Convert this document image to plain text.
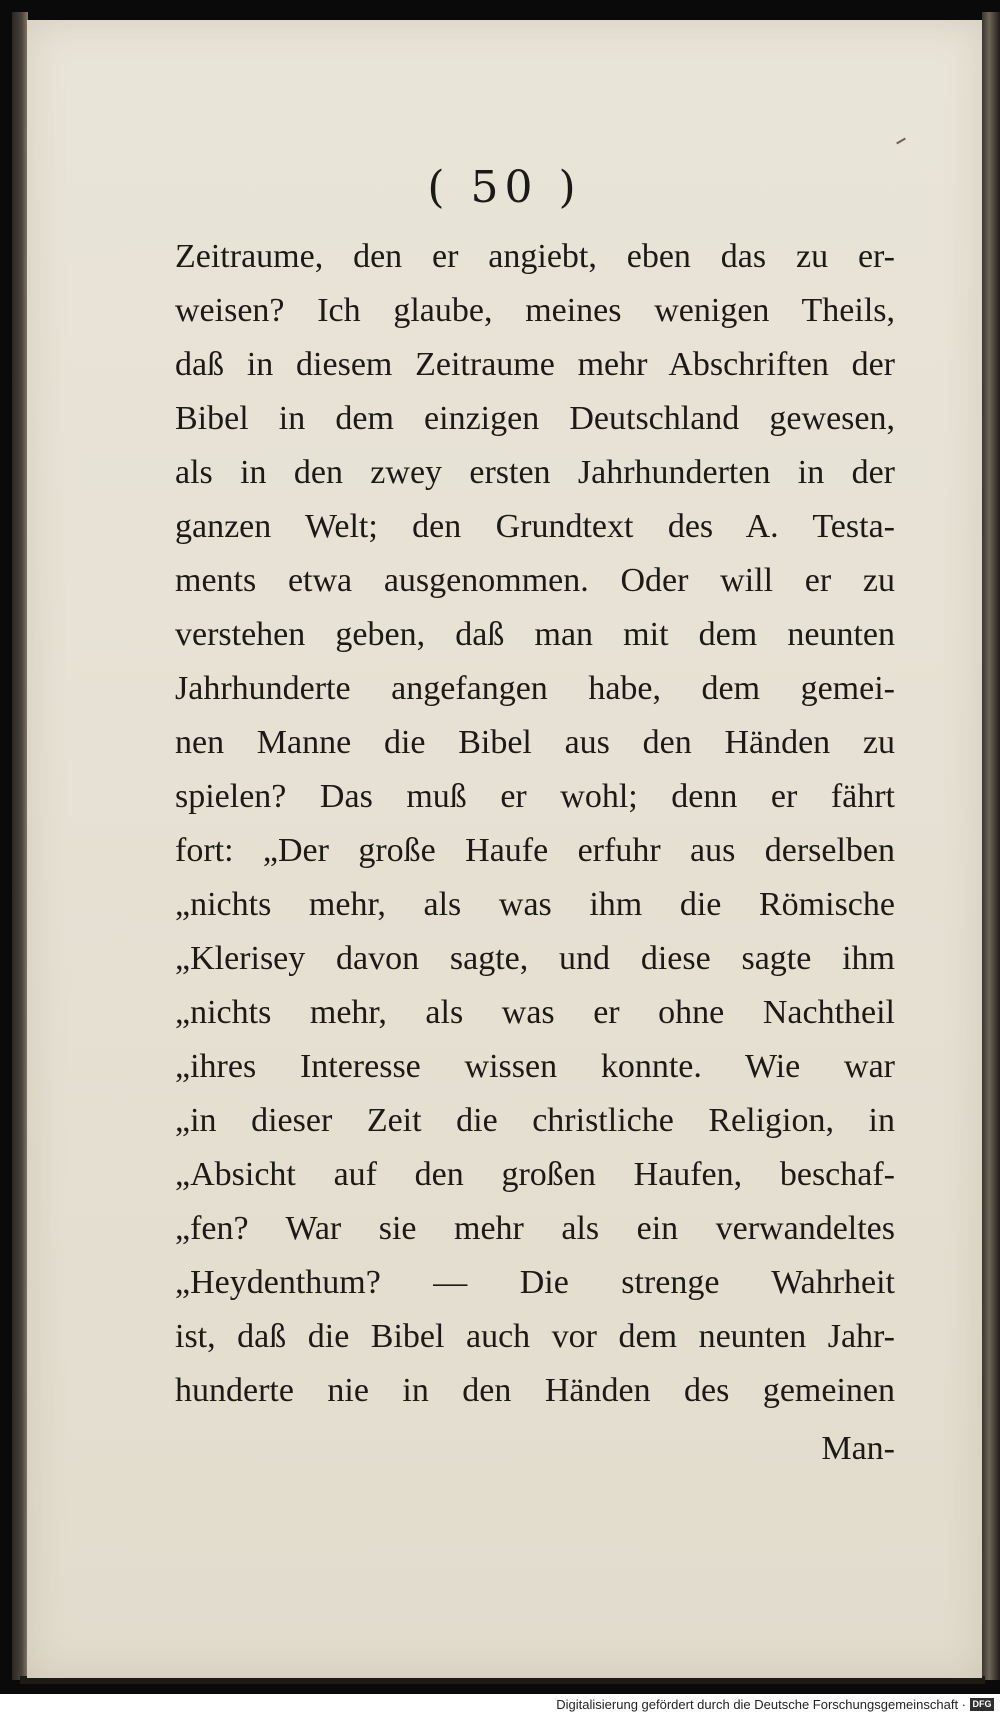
( 50 )
Zeitraume, den er angiebt, eben das zu er-
weisen? Ich glaube, meines wenigen Theils,
daß in diesem Zeitraume mehr Abschriften der
Bibel in dem einzigen Deutschland gewesen,
als in den zwey ersten Jahrhunderten in der
ganzen Welt; den Grundtext des A. Testa-
ments etwa ausgenommen. Oder will er zu
verstehen geben, daß man mit dem neunten
Jahrhunderte angefangen habe, dem gemei-
nen Manne die Bibel aus den Händen zu
spielen? Das muß er wohl; denn er fährt
fort: „Der große Haufe erfuhr aus derselben
„nichts mehr, als was ihm die Römische
„Klerisey davon sagte, und diese sagte ihm
„nichts mehr, als was er ohne Nachtheil
„ihres Interesse wissen konnte. Wie war
„in dieser Zeit die christliche Religion, in
„Absicht auf den großen Haufen, beschaf-
„fen? War sie mehr als ein verwandeltes
„Heydenthum? — Die strenge Wahrheit
ist, daß die Bibel auch vor dem neunten Jahr-
hunderte nie in den Händen des gemeinen
Man-
Digitalisierung gefördert durch die Deutsche Forschungsgemeinschaft · DFG
